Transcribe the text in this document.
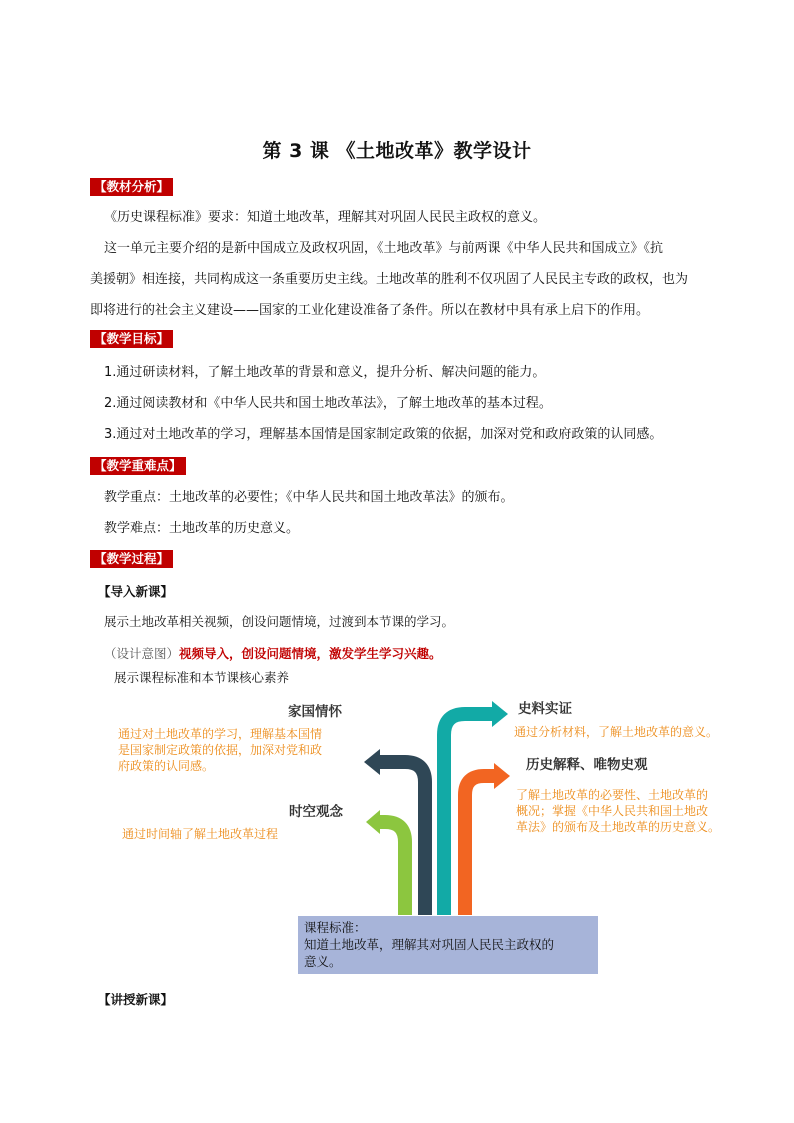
第 3 课 《土地改革》教学设计
【教材分析】

《历史课程标准》要求：知道土地改革，理解其对巩固人民民主政权的意义。

这一单元主要介绍的是新中国成立及政权巩固，《土地改革》与前两课《中华人民共和国成立》《抗

美援朝》相连接，共同构成这一条重要历史主线。土地改革的胜利不仅巩固了人民民主专政的政权，也为

即将进行的社会主义建设——国家的工业化建设准备了条件。所以在教材中具有承上启下的作用。

【教学目标】

1.通过研读材料，了解土地改革的背景和意义，提升分析、解决问题的能力。

2.通过阅读教材和《中华人民共和国土地改革法》，了解土地改革的基本过程。

3.通过对土地改革的学习，理解基本国情是国家制定政策的依据，加深对党和政府政策的认同感。

【教学重难点】

教学重点：土地改革的必要性；《中华人民共和国土地改革法》的颁布。

教学难点：土地改革的历史意义。

【教学过程】
【导入新课】
展示土地改革相关视频，创设问题情境，过渡到本节课的学习。
（设计意图）视频导入，创设问题情境，激发学生学习兴趣。
展示课程标准和本节课核心素养
家国情怀
通过对土地改革的学习，理解基本国情
是国家制定政策的依据，加深对党和政
府政策的认同感。
时空观念
通过时间轴了解土地改革过程
史料实证
通过分析材料，了解土地改革的意义。
历史解释、唯物史观
了解土地改革的必要性、土地改革的
概况；掌握《中华人民共和国土地改
革法》的颁布及土地改革的历史意义。
课程标准：
知道土地改革，理解其对巩固人民民主政权的
意义。
【讲授新课】
